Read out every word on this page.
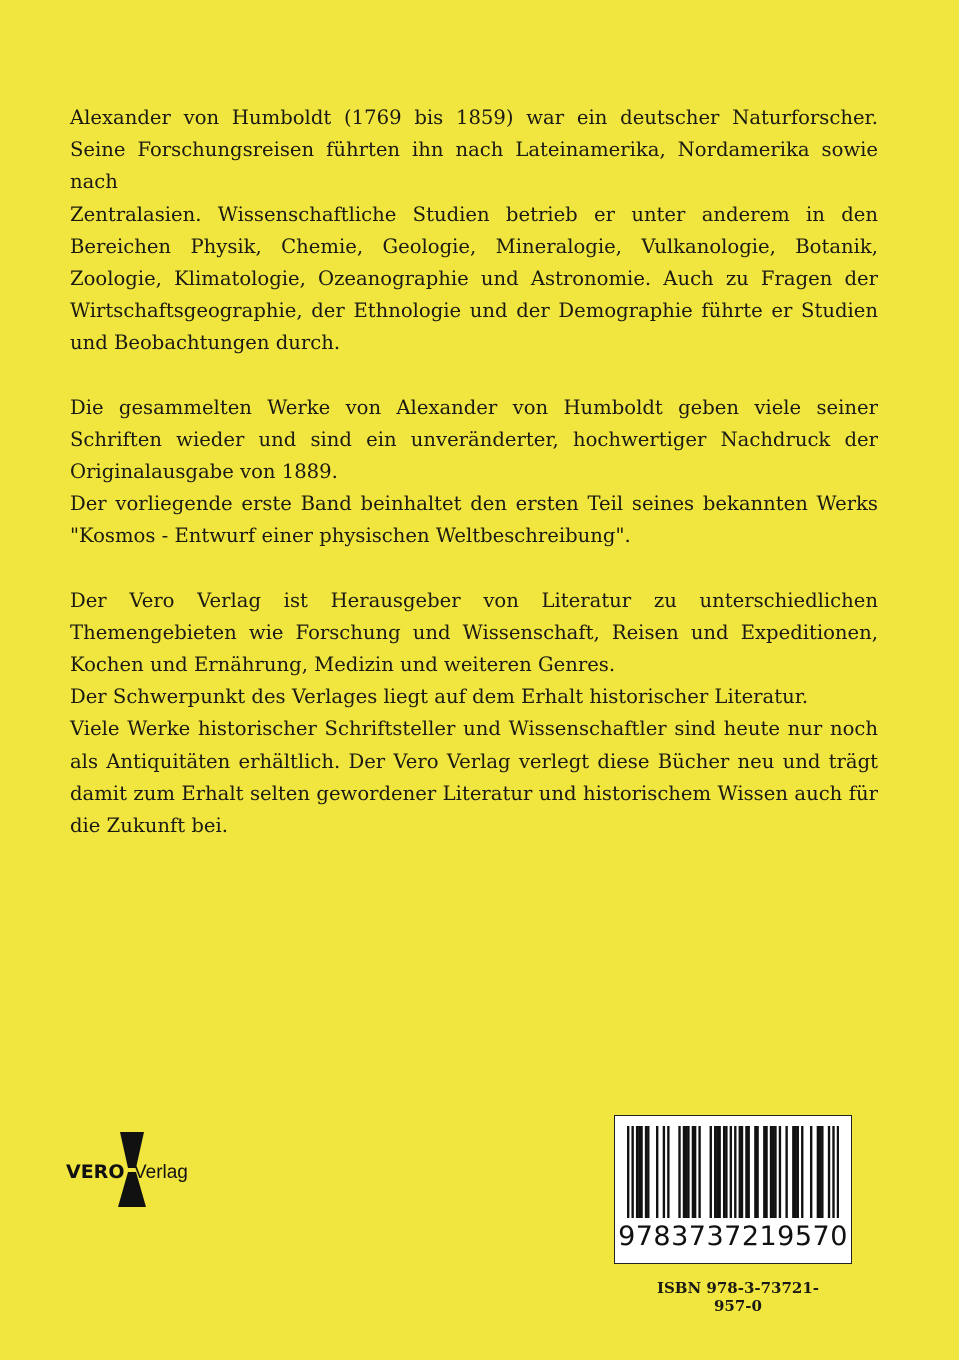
Alexander von Humboldt (1769 bis 1859) war ein deutscher Naturforscher.
Seine Forschungsreisen führten ihn nach Lateinamerika, Nordamerika sowie nach
Zentralasien. Wissenschaftliche Studien betrieb er unter anderem in den
Bereichen Physik, Chemie, Geologie, Mineralogie, Vulkanologie, Botanik,
Zoologie, Klimatologie, Ozeanographie und Astronomie. Auch zu Fragen der
Wirtschaftsgeographie, der Ethnologie und der Demographie führte er Studien
und Beobachtungen durch.

Die gesammelten Werke von Alexander von Humboldt geben viele seiner
Schriften wieder und sind ein unveränderter, hochwertiger Nachdruck der
Originalausgabe von 1889.
Der vorliegende erste Band beinhaltet den ersten Teil seines bekannten Werks
"Kosmos - Entwurf einer physischen Weltbeschreibung".

Der Vero Verlag ist Herausgeber von Literatur zu unterschiedlichen
Themengebieten wie Forschung und Wissenschaft, Reisen und Expeditionen,
Kochen und Ernährung, Medizin und weiteren Genres.
Der Schwerpunkt des Verlages liegt auf dem Erhalt historischer Literatur.
Viele Werke historischer Schriftsteller und Wissenschaftler sind heute nur noch
als Antiquitäten erhältlich. Der Vero Verlag verlegt diese Bücher neu und trägt
damit zum Erhalt selten gewordener Literatur und historischem Wissen auch für
die Zukunft bei.

VERO Verlag
9783737219570
ISBN 978-3-73721-957-0
